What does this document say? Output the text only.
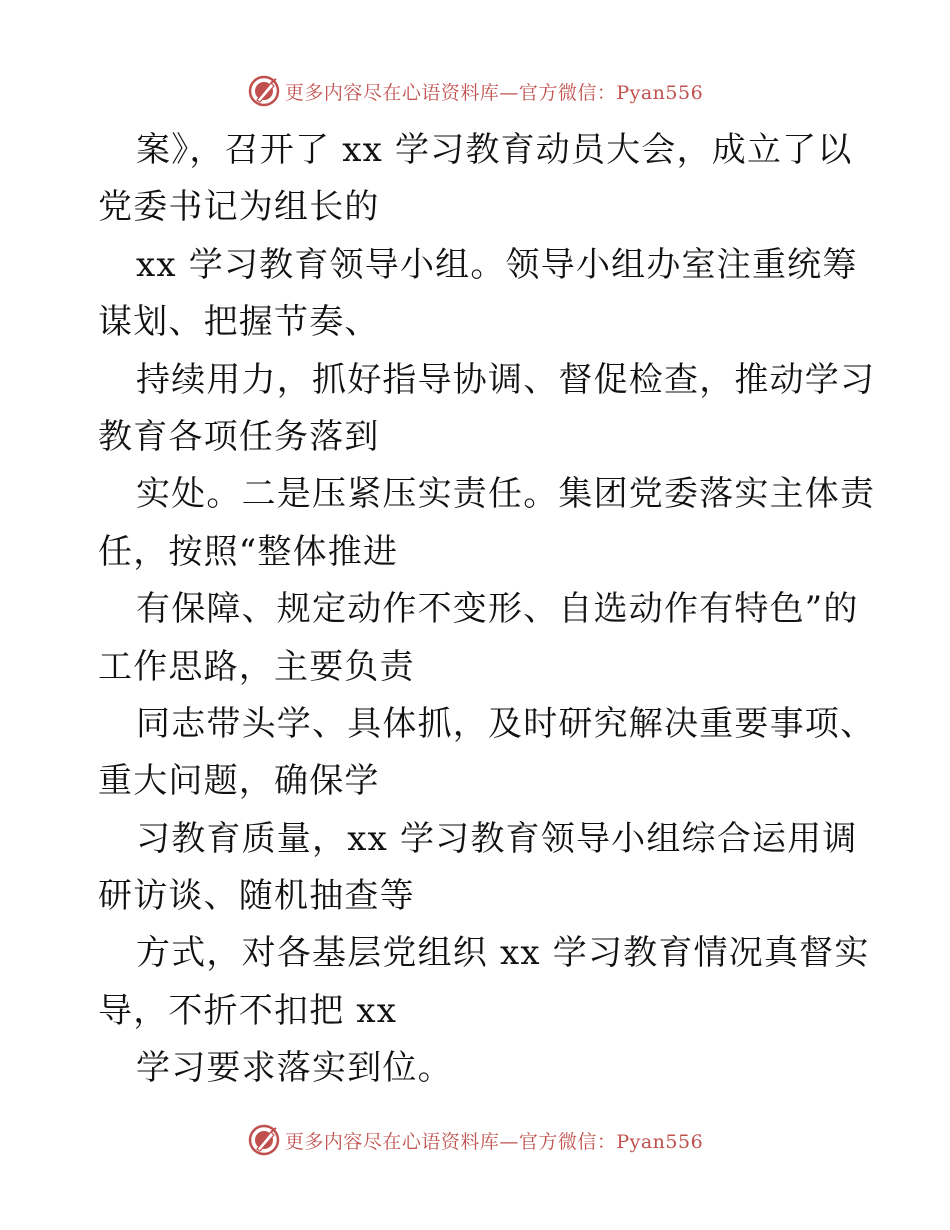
更多内容尽在心语资料库—官方微信：Pyan556
案》，召开了 xx 学习教育动员大会，成立了以
党委书记为组长的
xx 学习教育领导小组。领导小组办室注重统筹
谋划、把握节奏、
持续用力，抓好指导协调、督促检查，推动学习
教育各项任务落到
实处。二是压紧压实责任。集团党委落实主体责
任，按照“整体推进
有保障、规定动作不变形、自选动作有特色”的
工作思路，主要负责
同志带头学、具体抓，及时研究解决重要事项、
重大问题，确保学
习教育质量，xx 学习教育领导小组综合运用调
研访谈、随机抽查等
方式，对各基层党组织 xx 学习教育情况真督实
导，不折不扣把 xx
学习要求落实到位。
更多内容尽在心语资料库—官方微信：Pyan556
